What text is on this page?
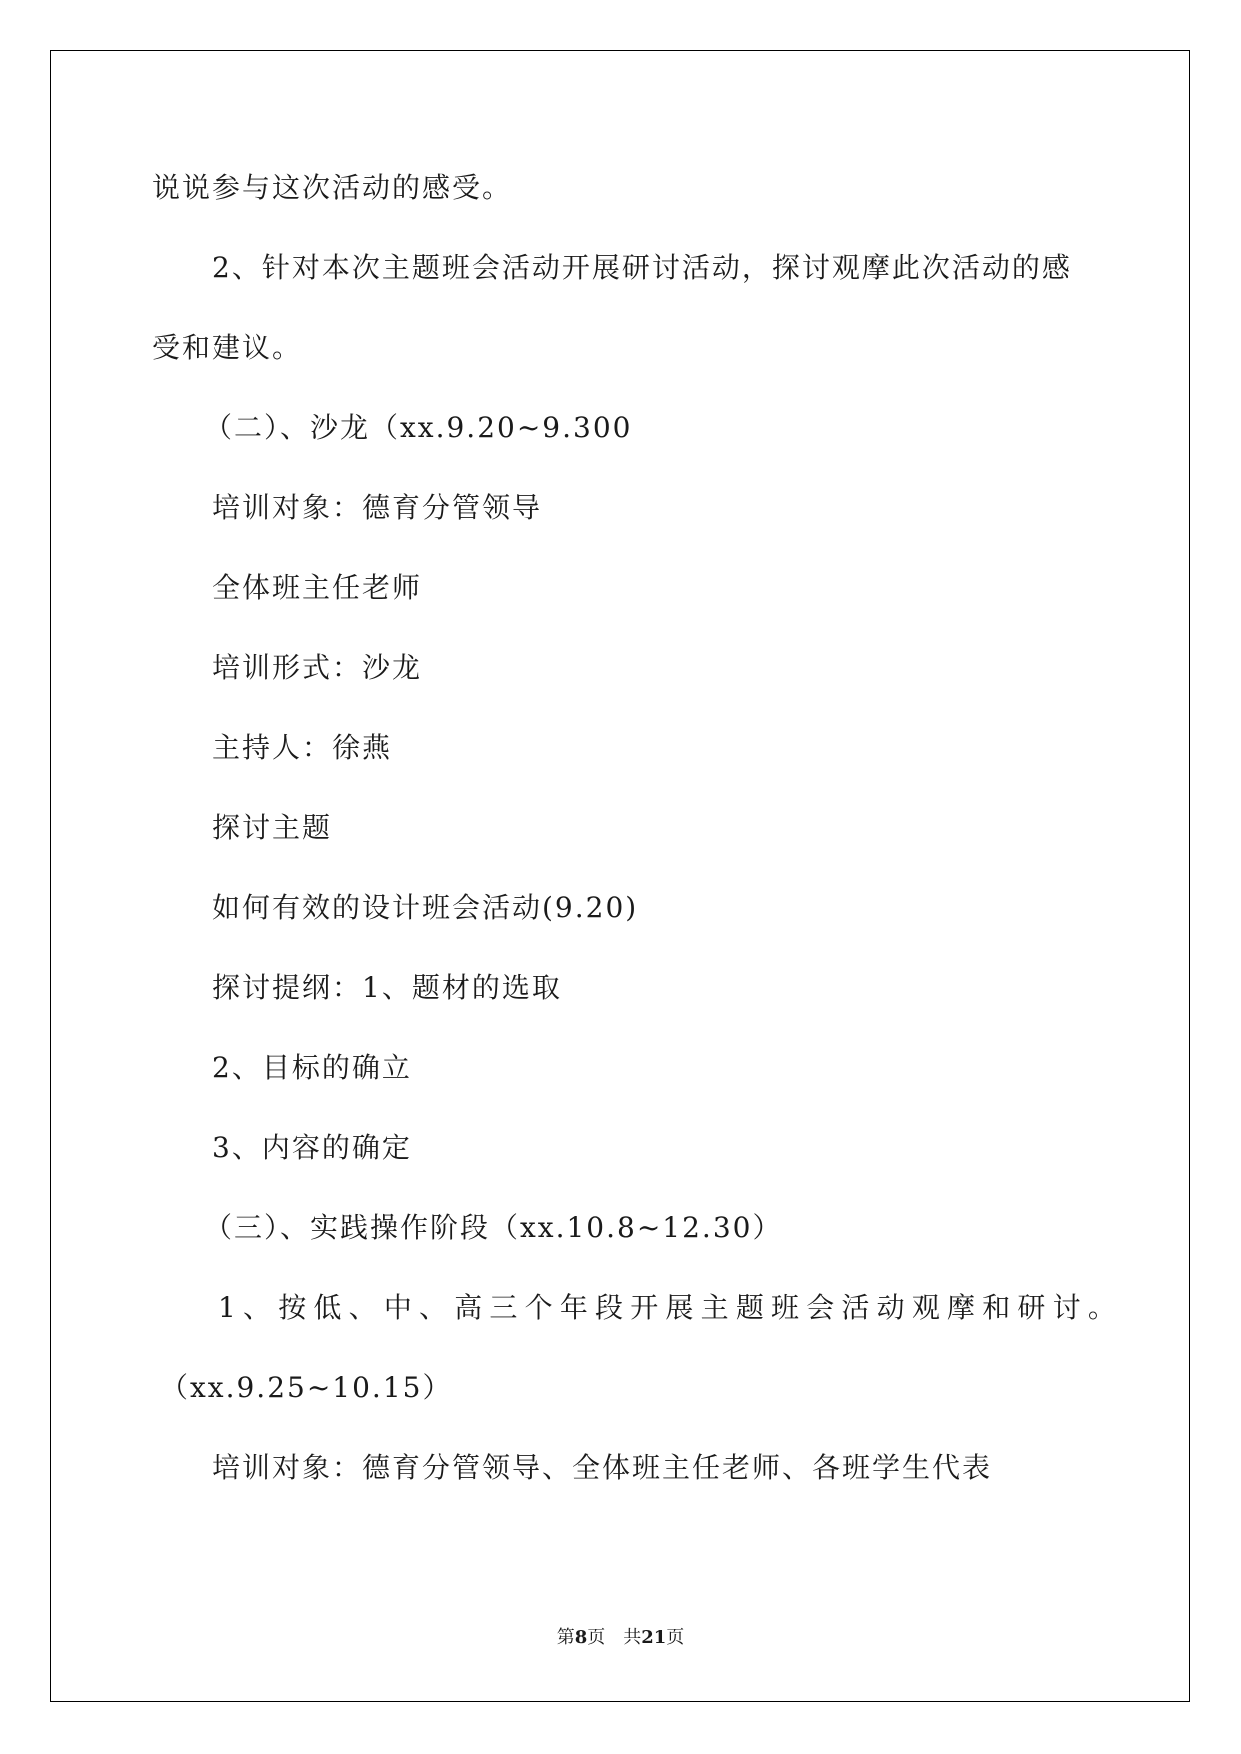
说说参与这次活动的感受。

2、针对本次主题班会活动开展研讨活动，探讨观摩此次活动的感

受和建议。

（二）、沙龙（xx.9.20~9.300

培训对象：德育分管领导

全体班主任老师

培训形式：沙龙

主持人：徐燕

探讨主题

如何有效的设计班会活动(9.20)

探讨提纲：1、题材的选取

2、目标的确立

3、内容的确定

（三）、实践操作阶段（xx.10.8~12.30）

1、按低、中、高三个年段开展主题班会活动观摩和研讨。

（xx.9.25~10.15）

培训对象：德育分管领导、全体班主任老师、各班学生代表

第8页 共21页
